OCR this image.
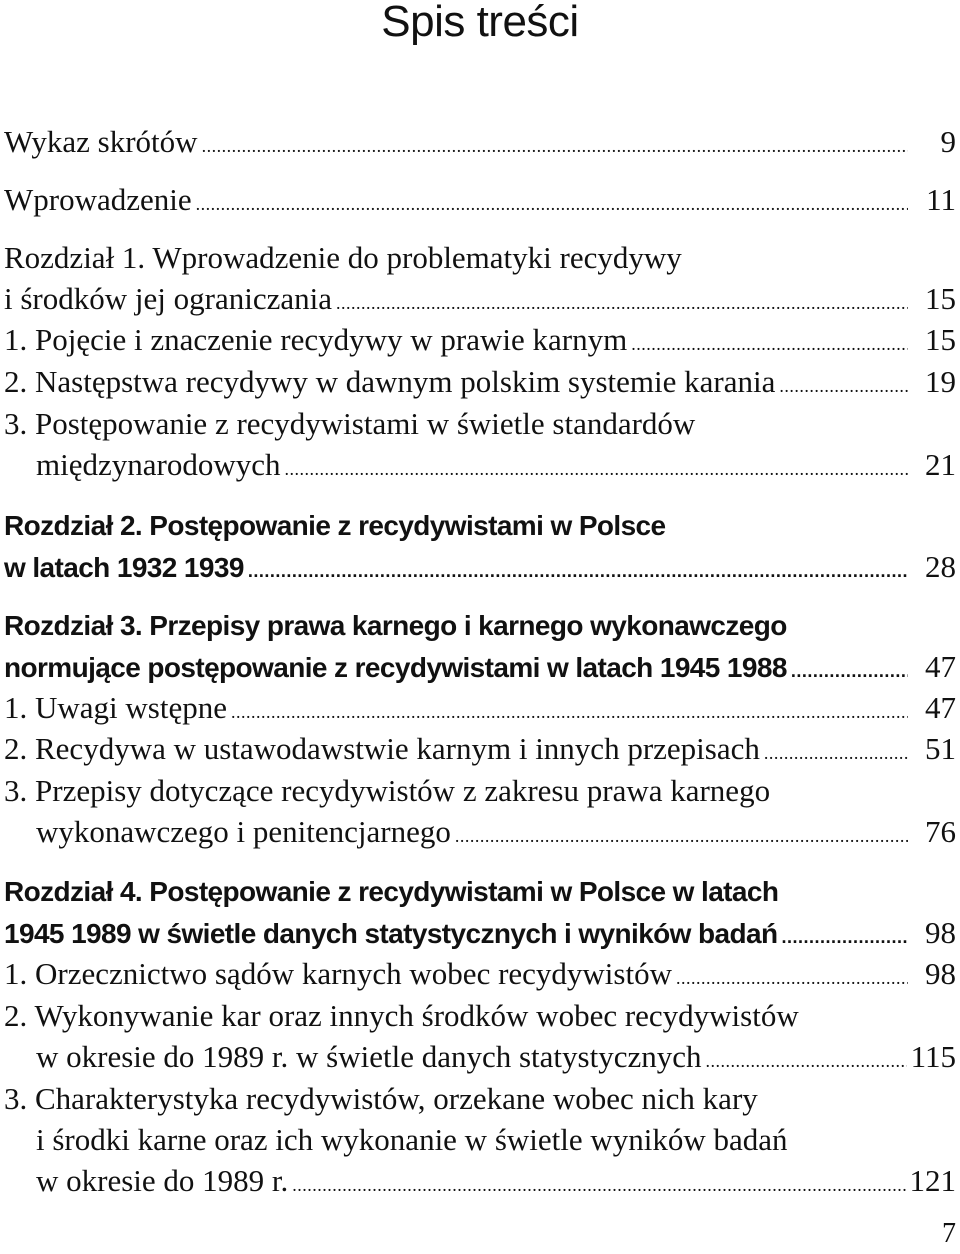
Spis treści
Wykaz skrótów .....	9
Wprowadzenie .....	11
Rozdział 1. Wprowadzenie do problematyki recydywy
i środków jej ograniczania .....	15
1. Pojęcie i znaczenie recydywy w prawie karnym .....	15
2. Następstwa recydywy w dawnym polskim systemie karania .....	19
3. Postępowanie z recydywistami w świetle standardów
międzynarodowych .....	21
Rozdział 2. Postępowanie z recydywistami w Polsce
w latach 1932 1939 .....	28
Rozdział 3. Przepisy prawa karnego i karnego wykonawczego
normujące postępowanie z recydywistami w latach 1945 1988 .....	47
1. Uwagi wstępne .....	47
2. Recydywa w ustawodawstwie karnym i innych przepisach .....	51
3. Przepisy dotyczące recydywistów z zakresu prawa karnego
wykonawczego i penitencjarnego .....	76
Rozdział 4. Postępowanie z recydywistami w Polsce w latach
1945 1989 w świetle danych statystycznych i wyników badań .....	98
1. Orzecznictwo sądów karnych wobec recydywistów .....	98
2. Wykonywanie kar oraz innych środków wobec recydywistów
w okresie do 1989 r. w świetle danych statystycznych .....	115
3. Charakterystyka recydywistów, orzekane wobec nich kary
i środki karne oraz ich wykonanie w świetle wyników badań
w okresie do 1989 r. .....	121
7
